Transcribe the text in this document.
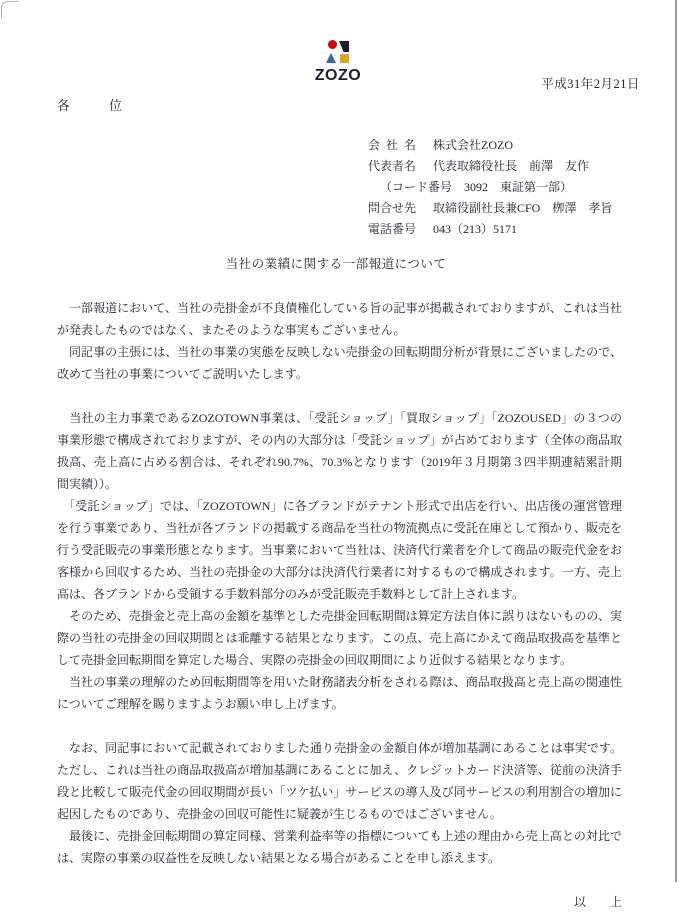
ZOZO	平成31年2月21日
各　　　位
会社名 株式会社ZOZO
代表者名 代表取締役社長　前澤　友作
（コード番号　3092　東証第一部）
問合せ先 取締役副社長兼CFO　栁澤　孝旨
電話番号 043（213）5171
当社の業績に関する一部報道について

　一部報道において、当社の売掛金が不良債権化している旨の記事が掲載されておりますが、これは当社が発表したものではなく、またそのような事実もございません。

　同記事の主張には、当社の事業の実態を反映しない売掛金の回転期間分析が背景にございましたので、改めて当社の事業についてご説明いたします。

　当社の主力事業であるZOZOTOWN事業は、「受託ショップ」「買取ショップ」「ZOZOUSED」の３つの事業形態で構成されておりますが、その内の大部分は「受託ショップ」が占めております（全体の商品取扱高、売上高に占める割合は、それぞれ90.7%、70.3%となります（2019年３月期第３四半期連結累計期間実績））。

　「受託ショップ」では、「ZOZOTOWN」に各ブランドがテナント形式で出店を行い、出店後の運営管理を行う事業であり、当社が各ブランドの掲載する商品を当社の物流拠点に受託在庫として預かり、販売を行う受託販売の事業形態となります。当事業において当社は、決済代行業者を介して商品の販売代金をお客様から回収するため、当社の売掛金の大部分は決済代行業者に対するもので構成されます。一方、売上高は、各ブランドから受領する手数料部分のみが受託販売手数料として計上されます。

　そのため、売掛金と売上高の金額を基準とした売掛金回転期間は算定方法自体に誤りはないものの、実際の当社の売掛金の回収期間とは乖離する結果となります。この点、売上高にかえて商品取扱高を基準として売掛金回転期間を算定した場合、実際の売掛金の回収期間により近似する結果となります。

　当社の事業の理解のため回転期間等を用いた財務諸表分析をされる際は、商品取扱高と売上高の関連性についてご理解を賜りますようお願い申し上げます。

　なお、同記事において記載されておりました通り売掛金の金額自体が増加基調にあることは事実です。ただし、これは当社の商品取扱高が増加基調にあることに加え、クレジットカード決済等、従前の決済手段と比較して販売代金の回収期間が長い「ツケ払い」サービスの導入及び同サービスの利用割合の増加に起因したものであり、売掛金の回収可能性に疑義が生じるものではございません。

　最後に、売掛金回転期間の算定同様、営業利益率等の指標についても上述の理由から売上高との対比では、実際の事業の収益性を反映しない結果となる場合があることを申し添えます。

以　　上
